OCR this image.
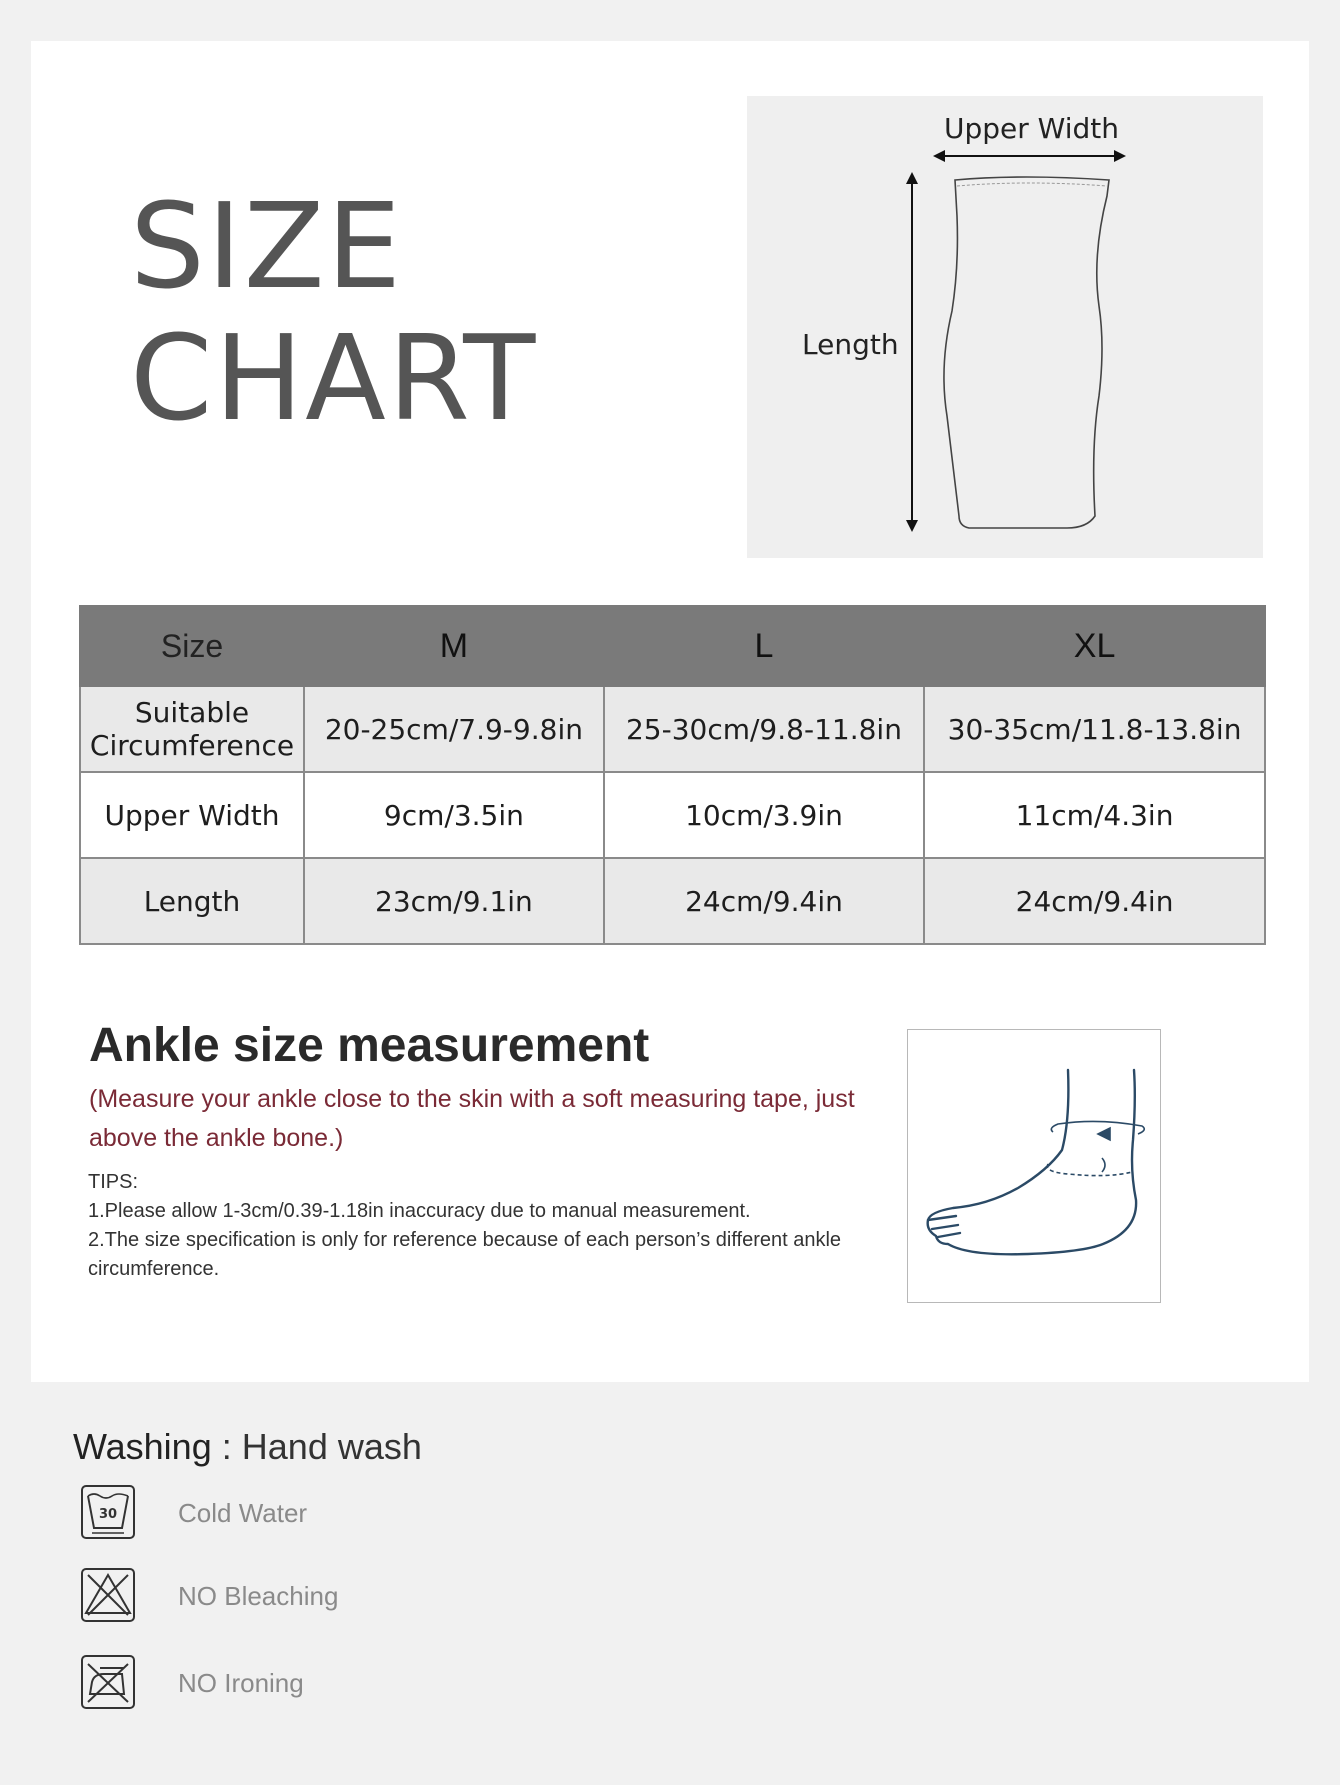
SIZE
CHART
Upper Width
Length
Size	M	L	XL

Suitable
Circumference	20-25cm/7.9-9.8in	25-30cm/9.8-11.8in	30-35cm/11.8-13.8in
Upper Width	9cm/3.5in	10cm/3.9in	11cm/4.3in
Length	23cm/9.1in	24cm/9.4in	24cm/9.4in
Ankle size measurement
(Measure your ankle close to the skin with a soft measuring tape, just above the ankle bone.)
TIPS:
1.Please allow 1-3cm/0.39-1.18in inaccuracy due to manual measurement.
2.The size specification is only for reference because of each person’s different ankle circumference.
Washing : Hand wash
30 Cold Water
NO Bleaching
NO Ironing
